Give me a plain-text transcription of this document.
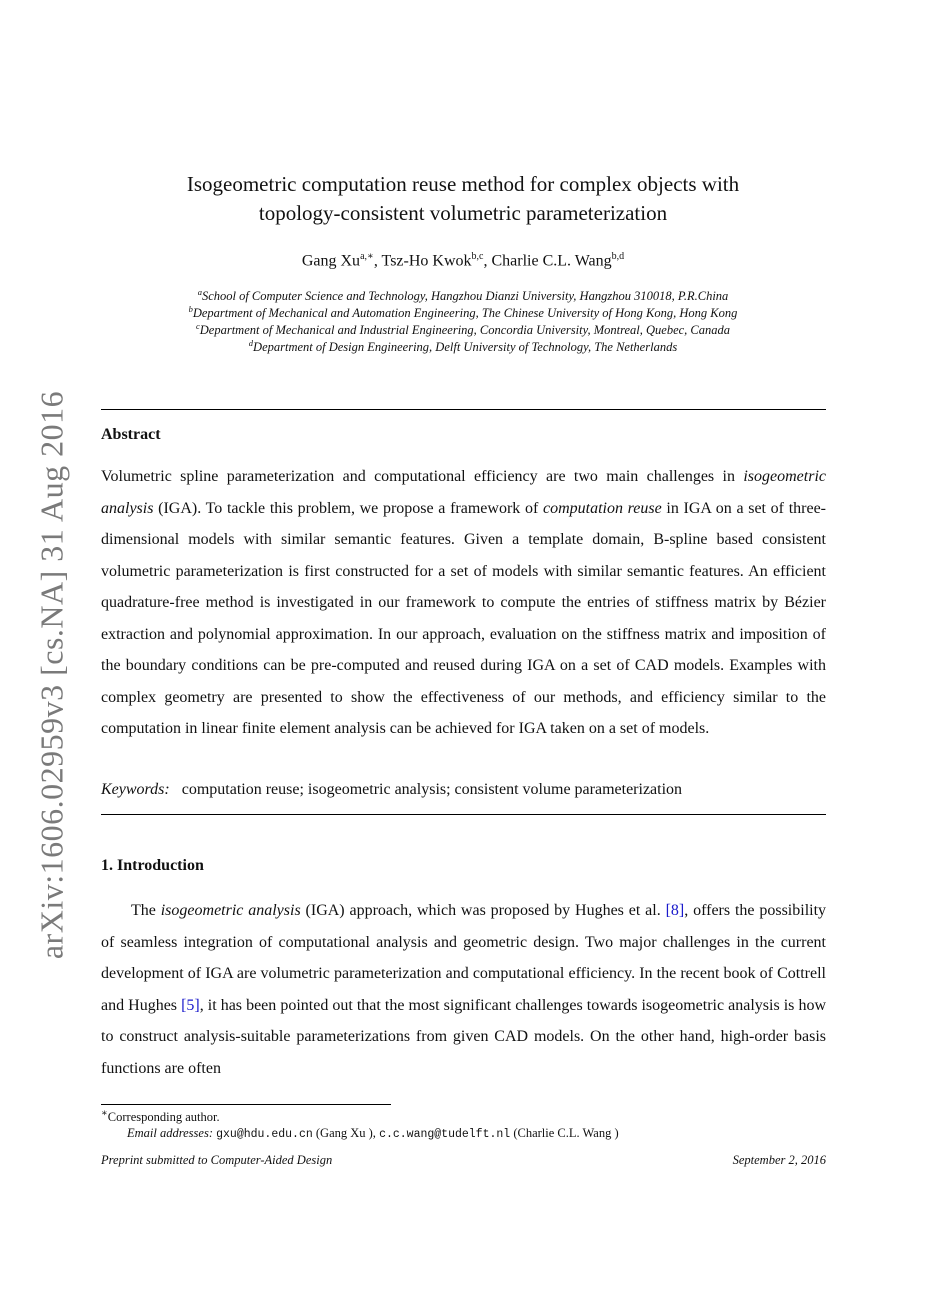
arXiv:1606.02959v3 [cs.NA] 31 Aug 2016
Isogeometric computation reuse method for complex objects with
topology-consistent volumetric parameterization
Gang $Xu^{a,∗}$, Tsz-Ho Kwok$^{b,c}$, Charlie C.L. Wang$^{b,d}$
$^a$School of Computer Science and Technology, Hangzhou Dianzi University, Hangzhou 310018, P.R.China
$^b$Department of Mechanical and Automation Engineering, The Chinese University of Hong Kong, Hong Kong
$^c$Department of Mechanical and Industrial Engineering, Concordia University, Montreal, Quebec, Canada
$^d$Department of Design Engineering, Delft University of Technology, The Netherlands
Abstract

Volumetric spline parameterization and computational efficiency are two main challenges in isogeometric analysis (IGA). To tackle this problem, we propose a framework of computation reuse in IGA on a set of three-dimensional models with similar semantic features. Given a template domain, B-spline based consistent volumetric parameterization is first constructed for a set of models with similar semantic features. An efficient quadrature-free method is investigated in our framework to compute the entries of stiffness matrix by Bézier extraction and polynomial approximation. In our approach, evaluation on the stiffness matrix and imposition of the boundary conditions can be pre-computed and reused during IGA on a set of CAD models. Examples with complex geometry are presented to show the effectiveness of our methods, and efficiency similar to the computation in linear finite element analysis can be achieved for IGA taken on a set of models.

Keywords: computation reuse; isogeometric analysis; consistent volume parameterization
1. Introduction

The isogeometric analysis (IGA) approach, which was proposed by Hughes et al. [8], offers the possibility of seamless integration of computational analysis and geometric design. Two major challenges in the current development of IGA are volumetric parameterization and computational efficiency. In the recent book of Cottrell and Hughes [5], it has been pointed out that the most significant challenges towards isogeometric analysis is how to construct analysis-suitable parameterizations from given CAD models. On the other hand, high-order basis functions are often

∗Corresponding author.
Email addresses: gxu@hdu.edu.cn (Gang Xu ), c.c.wang@tudelft.nl (Charlie C.L. Wang )
Preprint submitted to Computer-Aided Design	September 2, 2016
